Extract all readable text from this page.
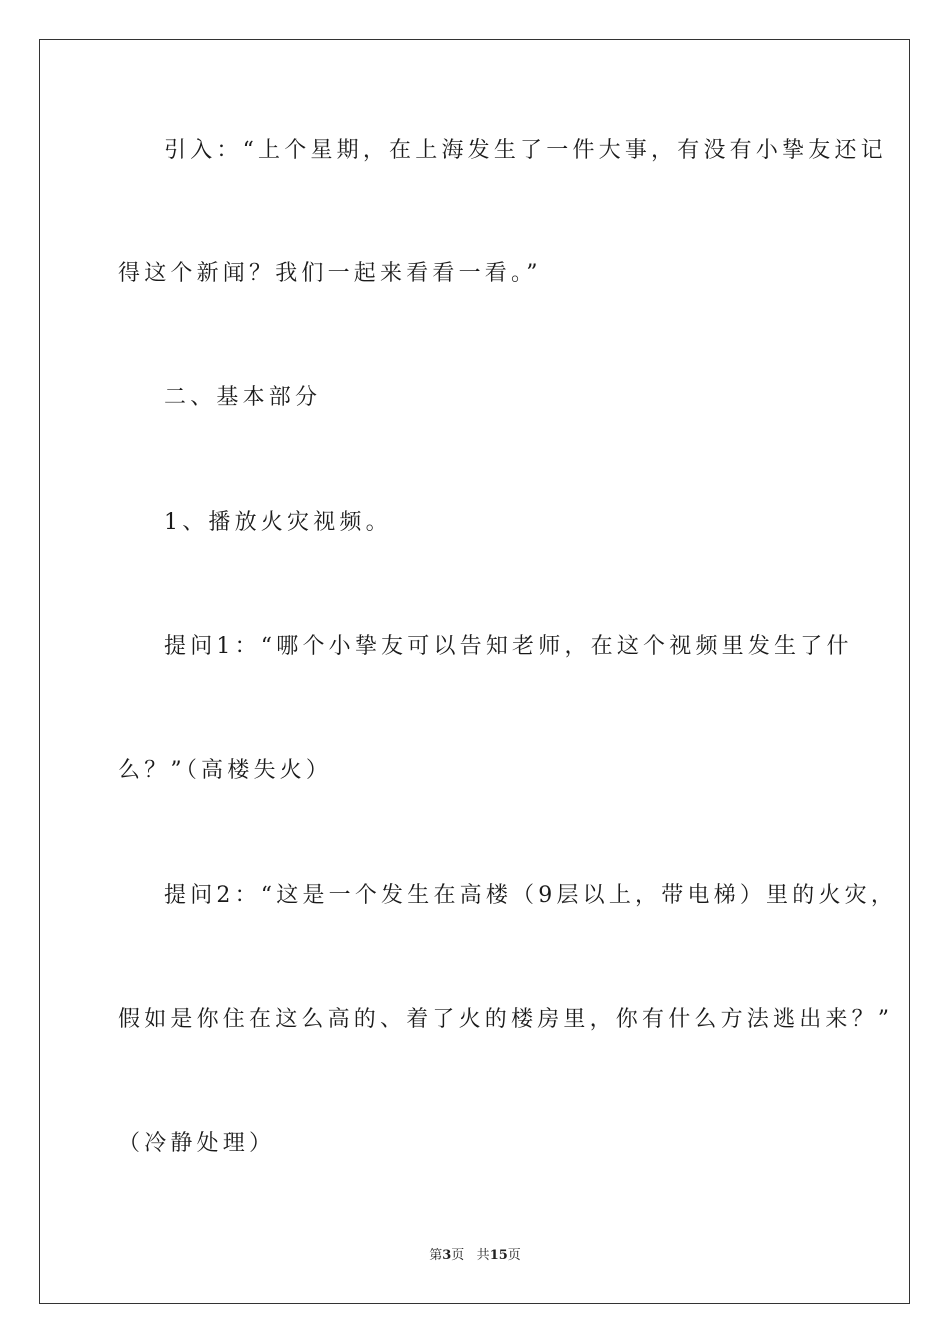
引入：“上个星期，在上海发生了一件大事，有没有小挚友还记
得这个新闻？我们一起来看看一看。”
二、基本部分
1、播放火灾视频。
提问1：“哪个小挚友可以告知老师，在这个视频里发生了什
么？”（高楼失火）
提问2：“这是一个发生在高楼（9层以上，带电梯）里的火灾，
假如是你住在这么高的、着了火的楼房里，你有什么方法逃出来？”
（冷静处理）
第3页 共15页
